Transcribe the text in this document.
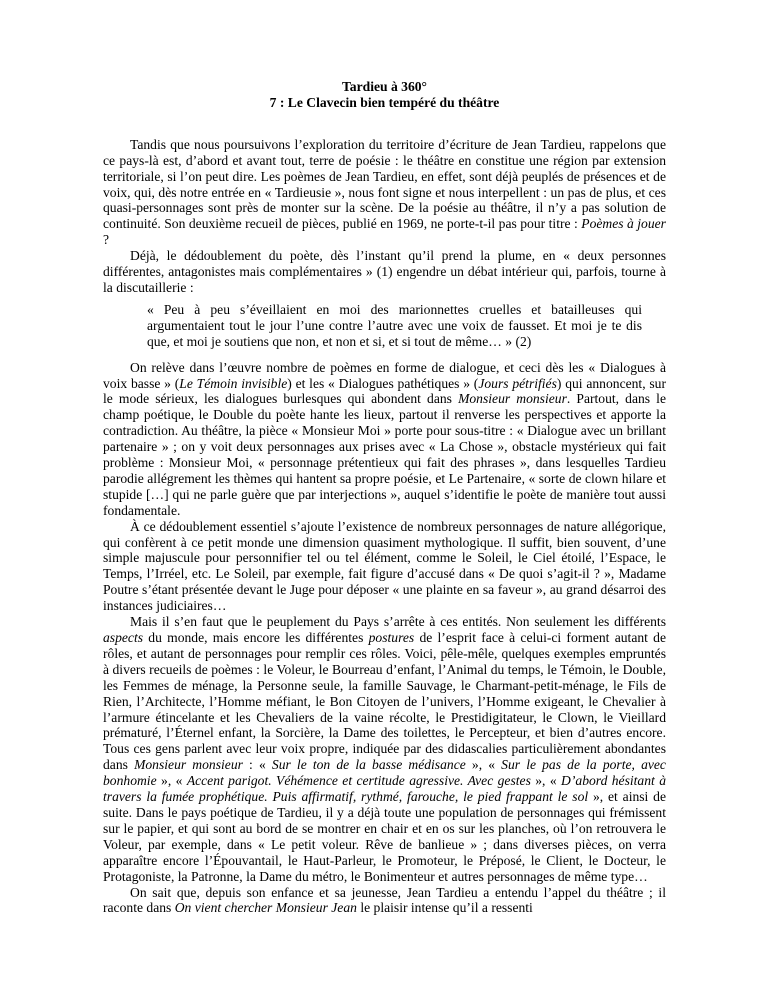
Tardieu à 360°

7 : Le Clavecin bien tempéré du théâtre

Tandis que nous poursuivons l’exploration du territoire d’écriture de Jean Tardieu, rappelons que ce pays-là est, d’abord et avant tout, terre de poésie : le théâtre en constitue une région par extension territoriale, si l’on peut dire. Les poèmes de Jean Tardieu, en effet, sont déjà peuplés de présences et de voix, qui, dès notre entrée en « Tardieusie », nous font signe et nous interpellent : un pas de plus, et ces quasi-personnages sont près de monter sur la scène. De la poésie au théâtre, il n’y a pas solution de continuité. Son deuxième recueil de pièces, publié en 1969, ne porte-t-il pas pour titre : Poèmes à jouer ?

Déjà, le dédoublement du poète, dès l’instant qu’il prend la plume, en « deux personnes différentes, antagonistes mais complémentaires » (1) engendre un débat intérieur qui, parfois, tourne à la discutaillerie :

« Peu à peu s’éveillaient en moi des marionnettes cruelles et batailleuses qui argumentaient tout le jour l’une contre l’autre avec une voix de fausset. Et moi je te dis que, et moi je soutiens que non, et non et si, et si tout de même… » (2)

On relève dans l’œuvre nombre de poèmes en forme de dialogue, et ceci dès les « Dialogues à voix basse » (Le Témoin invisible) et les « Dialogues pathétiques » (Jours pétrifiés) qui annoncent, sur le mode sérieux, les dialogues burlesques qui abondent dans Monsieur monsieur. Partout, dans le champ poétique, le Double du poète hante les lieux, partout il renverse les perspectives et apporte la contradiction. Au théâtre, la pièce « Monsieur Moi » porte pour sous-titre : « Dialogue avec un brillant partenaire » ; on y voit deux personnages aux prises avec « La Chose », obstacle mystérieux qui fait problème : Monsieur Moi, « personnage prétentieux qui fait des phrases », dans lesquelles Tardieu parodie allégrement les thèmes qui hantent sa propre poésie, et Le Partenaire, « sorte de clown hilare et stupide […] qui ne parle guère que par interjections », auquel s’identifie le poète de manière tout aussi fondamentale.

À ce dédoublement essentiel s’ajoute l’existence de nombreux personnages de nature allégorique, qui confèrent à ce petit monde une dimension quasiment mythologique. Il suffit, bien souvent, d’une simple majuscule pour personnifier tel ou tel élément, comme le Soleil, le Ciel étoilé, l’Espace, le Temps, l’Irréel, etc. Le Soleil, par exemple, fait figure d’accusé dans « De quoi s’agit-il ? », Madame Poutre s’étant présentée devant le Juge pour déposer « une plainte en sa faveur », au grand désarroi des instances judiciaires…

Mais il s’en faut que le peuplement du Pays s’arrête à ces entités. Non seulement les différents aspects du monde, mais encore les différentes postures de l’esprit face à celui-ci forment autant de rôles, et autant de personnages pour remplir ces rôles. Voici, pêle-mêle, quelques exemples empruntés à divers recueils de poèmes : le Voleur, le Bourreau d’enfant, l’Animal du temps, le Témoin, le Double, les Femmes de ménage, la Personne seule, la famille Sauvage, le Charmant-petit-ménage, le Fils de Rien, l’Architecte, l’Homme méfiant, le Bon Citoyen de l’univers, l’Homme exigeant, le Chevalier à l’armure étincelante et les Chevaliers de la vaine récolte, le Prestidigitateur, le Clown, le Vieillard prématuré, l’Éternel enfant, la Sorcière, la Dame des toilettes, le Percepteur, et bien d’autres encore. Tous ces gens parlent avec leur voix propre, indiquée par des didascalies particulièrement abondantes dans Monsieur monsieur : « Sur le ton de la basse médisance », « Sur le pas de la porte, avec bonhomie », « Accent parigot. Véhémence et certitude agressive. Avec gestes », « D’abord hésitant à travers la fumée prophétique. Puis affirmatif, rythmé, farouche, le pied frappant le sol », et ainsi de suite. Dans le pays poétique de Tardieu, il y a déjà toute une population de personnages qui frémissent sur le papier, et qui sont au bord de se montrer en chair et en os sur les planches, où l’on retrouvera le Voleur, par exemple, dans « Le petit voleur. Rêve de banlieue » ; dans diverses pièces, on verra apparaître encore l’Épouvantail, le Haut-Parleur, le Promoteur, le Préposé, le Client, le Docteur, le Protagoniste, la Patronne, la Dame du métro, le Bonimenteur et autres personnages de même type…

On sait que, depuis son enfance et sa jeunesse, Jean Tardieu a entendu l’appel du théâtre ; il raconte dans On vient chercher Monsieur Jean le plaisir intense qu’il a ressenti
